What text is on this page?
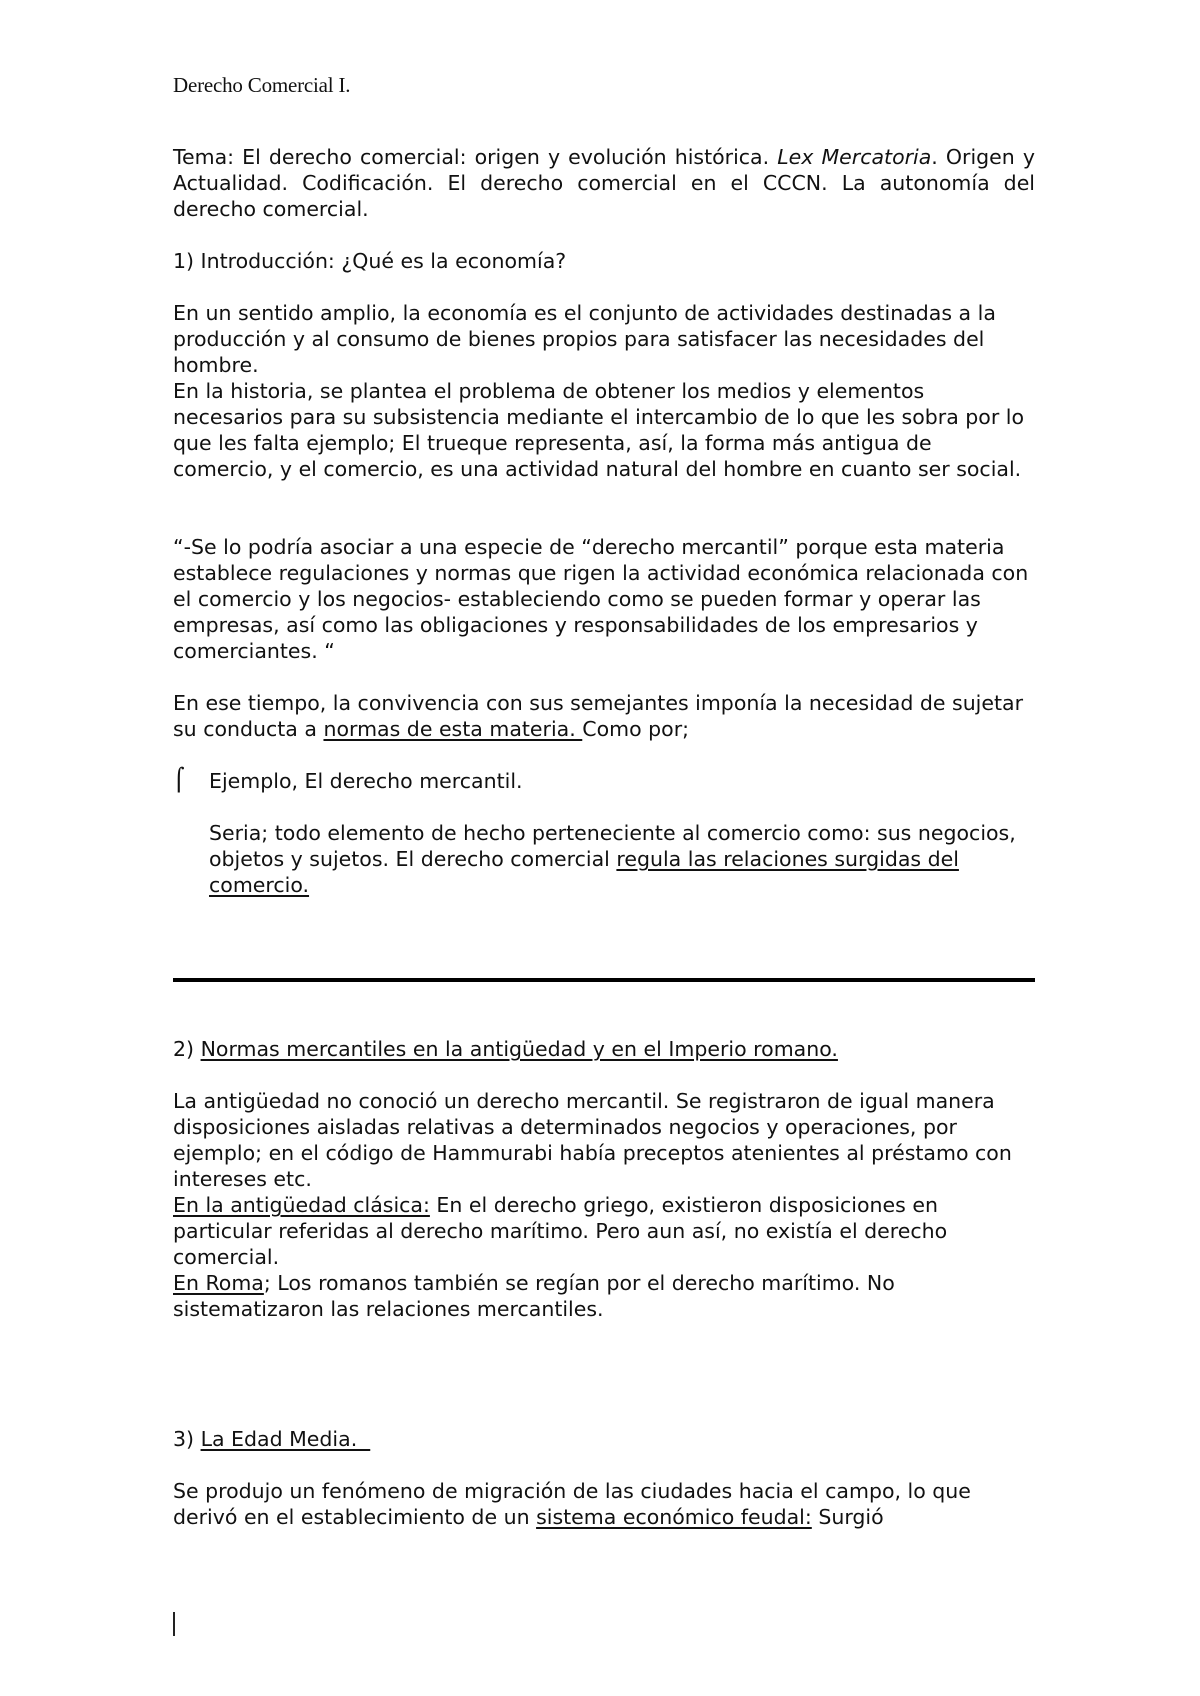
Derecho Comercial I.

Tema: El derecho comercial: origen y evolución histórica. Lex Mercatoria. Origen y Actualidad. Codificación. El derecho comercial en el CCCN. La autonomía del derecho comercial.

1) Introducción: ¿Qué es la economía?

En un sentido amplio, la economía es el conjunto de actividades destinadas a la producción y al consumo de bienes propios para satisfacer las necesidades del hombre.

En la historia, se plantea el problema de obtener los medios y elementos necesarios para su subsistencia mediante el intercambio de lo que les sobra por lo que les falta ejemplo; El trueque representa, así, la forma más antigua de comercio, y el comercio, es una actividad natural del hombre en cuanto ser social.

“-Se lo podría asociar a una especie de “derecho mercantil” porque esta materia establece regulaciones y normas que rigen la actividad económica relacionada con el comercio y los negocios- estableciendo como se pueden formar y operar las empresas, así como las obligaciones y responsabilidades de los empresarios y comerciantes. “

En ese tiempo, la convivencia con sus semejantes imponía la necesidad de sujetar su conducta a normas de esta materia. Como por;

⌠ Ejemplo, El derecho mercantil.

Seria; todo elemento de hecho perteneciente al comercio como: sus negocios, objetos y sujetos. El derecho comercial regula las relaciones surgidas del comercio.

2) Normas mercantiles en la antigüedad y en el Imperio romano.

La antigüedad no conoció un derecho mercantil. Se registraron de igual manera disposiciones aisladas relativas a determinados negocios y operaciones, por ejemplo; en el código de Hammurabi había preceptos atenientes al préstamo con intereses etc.

En la antigüedad clásica: En el derecho griego, existieron disposiciones en particular referidas al derecho marítimo. Pero aun así, no existía el derecho comercial.

En Roma; Los romanos también se regían por el derecho marítimo. No sistematizaron las relaciones mercantiles.

3) La Edad Media.

Se produjo un fenómeno de migración de las ciudades hacia el campo, lo que derivó en el establecimiento de un sistema económico feudal: Surgió
